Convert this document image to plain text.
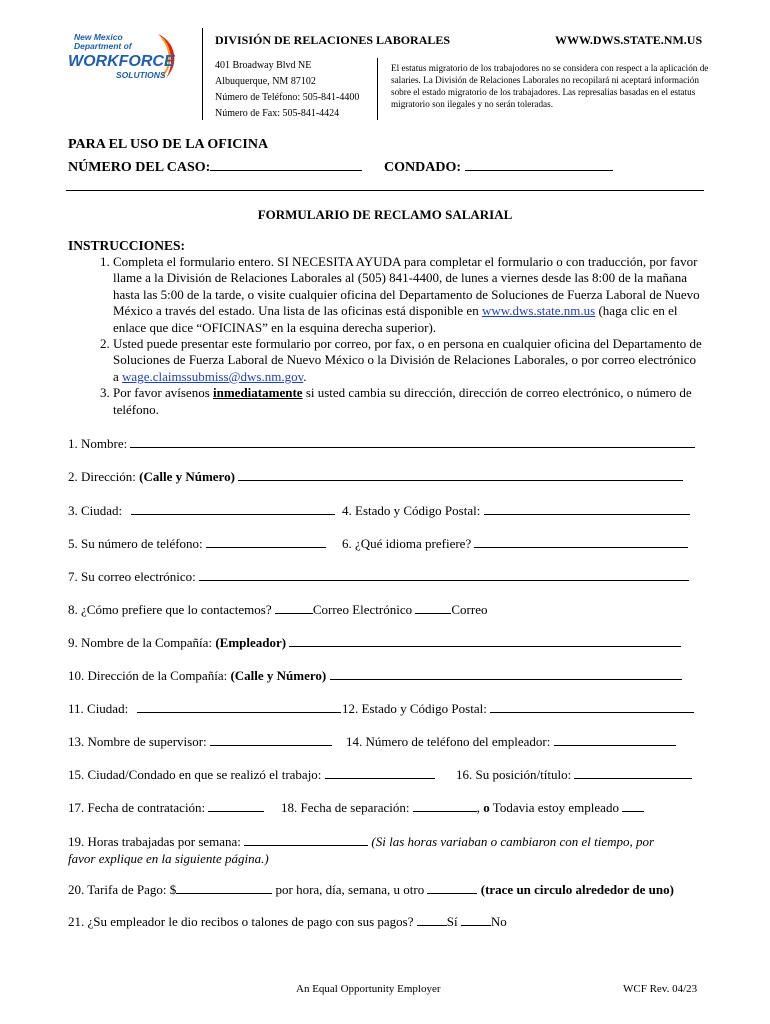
New Mexico
Department of
WORKFORCE
SOLUTIONS
DIVISIÓN DE RELACIONES LABORALES	WWW.DWS.STATE.NM.US
401 Broadway Blvd NE
Albuquerque, NM 87102
Número de Teléfono: 505-841-4400
Número de Fax: 505-841-4424
El estatus migratorio de los trabajodores no se considera con respect a la aplicación de salaries. La División de Relaciones Laborales no recopilará ni aceptará información sobre el estado migratorio de los trabajadores. Las represalias basadas en el estatus migratorio son ilegales y no serán toleradas.
PARA EL USO DE LA OFICINA
NÚMERO DEL CASO:	CONDADO:
FORMULARIO DE RECLAMO SALARIAL
INSTRUCCIONES:
1. Completa el formulario entero. SI NECESITA AYUDA para completar el formulario o con traducción, por favor llame a la División de Relaciones Laborales al (505) 841-4400, de lunes a viernes desde las 8:00 de la mañana hasta las 5:00 de la tarde, o visite cualquier oficina del Departamento de Soluciones de Fuerza Laboral de Nuevo México a través del estado. Una lista de las oficinas está disponible en www.dws.state.nm.us (haga clic en el enlace que dice “OFICINAS” en la esquina derecha superior).
2. Usted puede presentar este formulario por correo, por fax, o en persona en cualquier oficina del Departamento de Soluciones de Fuerza Laboral de Nuevo México o la División de Relaciones Laborales, o por correo electrónico a wage.claimssubmiss@dws.nm.gov.
3. Por favor avísenos inmediatamente si usted cambia su dirección, dirección de correo electrónico, o número de teléfono.
1. Nombre:
2. Dirección: (Calle y Número)
3. Ciudad:	4. Estado y Código Postal:
5. Su número de teléfono:	6. ¿Qué idioma prefiere?
7. Su correo electrónico:
8. ¿Cómo prefiere que lo contactemos?	Correo Electrónico	Correo
9. Nombre de la Compañía: (Empleador)
10. Dirección de la Compañía: (Calle y Número)
11. Ciudad:	12. Estado y Código Postal:
13. Nombre de supervisor:	14. Número de teléfono del empleador:
15. Ciudad/Condado en que se realizó el trabajo:	16. Su posición/título:
17. Fecha de contratación:	18. Fecha de separación:	, o Todavia estoy empleado
19. Horas trabajadas por semana:	(Si las horas variaban o cambiaron con el tiempo, por
favor explique en la siguiente página.)
20. Tarifa de Pago: $	por hora, día, semana, u otro	(trace un circulo alrededor de uno)
21. ¿Su empleador le dio recibos o talones de pago con sus pagos?	Sí	No
An Equal Opportunity Employer	WCF Rev. 04/23
